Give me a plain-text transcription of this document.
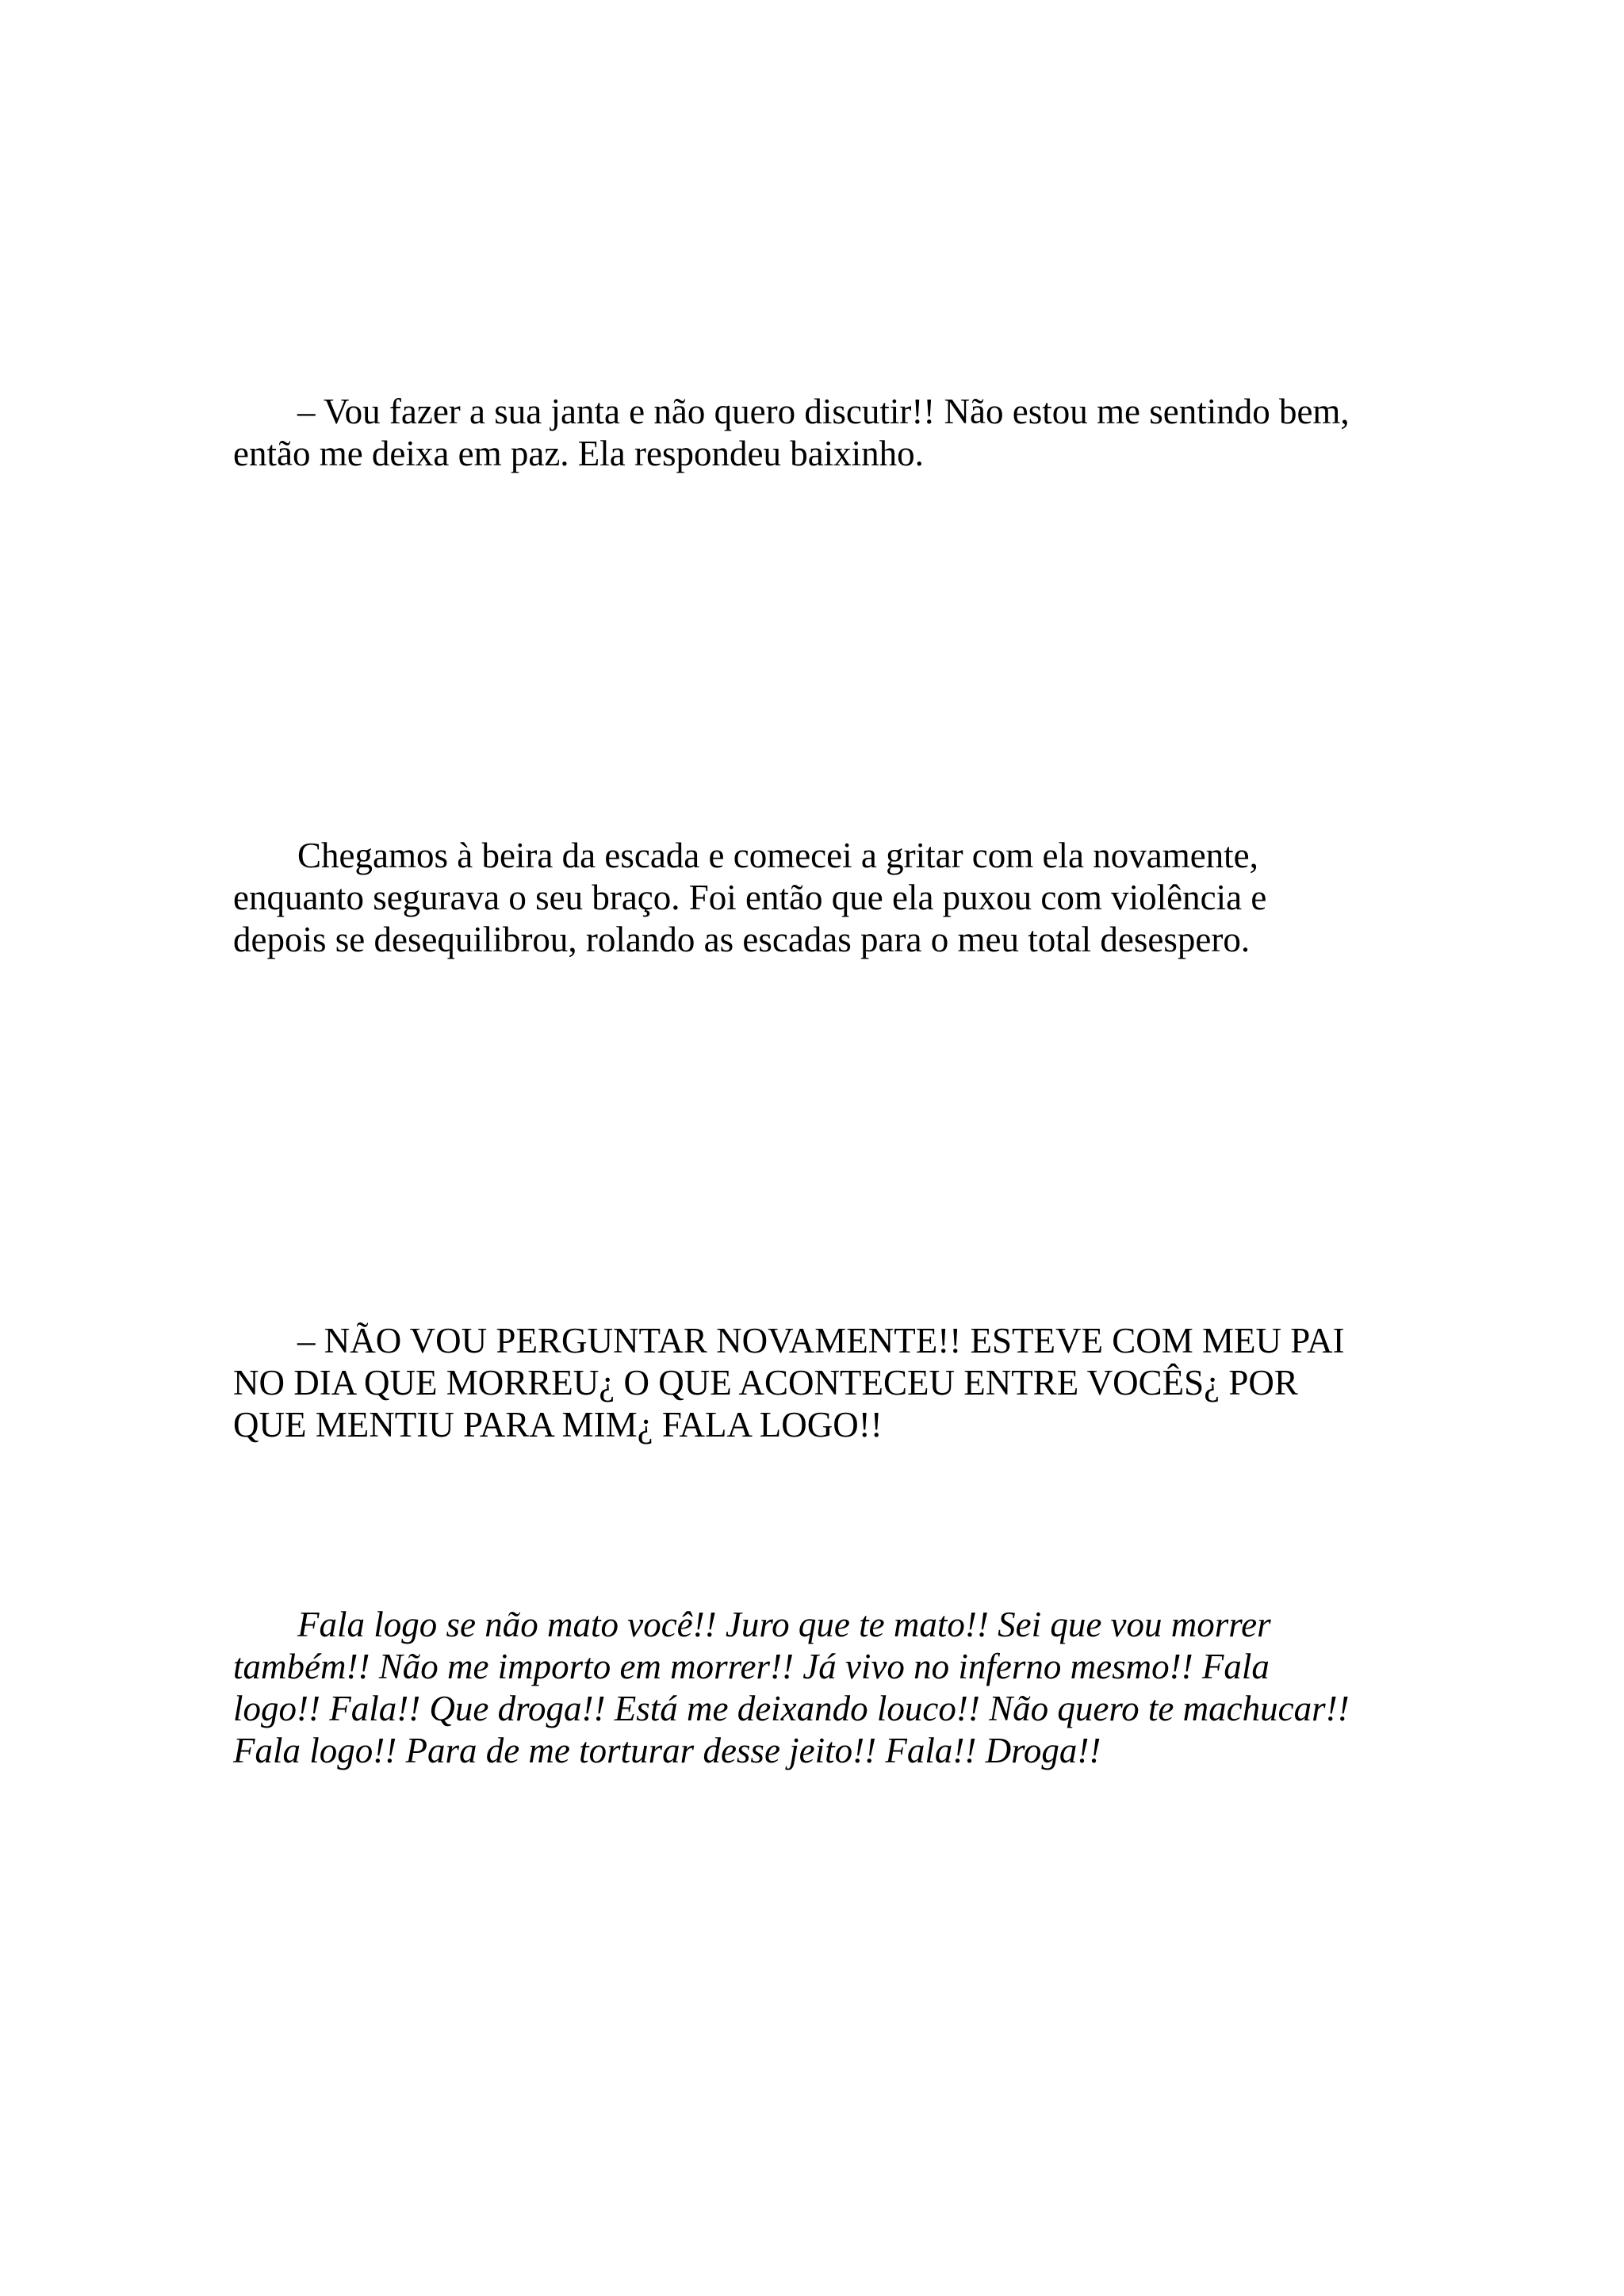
– Vou fazer a sua janta e não quero discutir!! Não estou me sentindo bem,
então me deixa em paz. Ela respondeu baixinho.

Chegamos à beira da escada e comecei a gritar com ela novamente,
enquanto segurava o seu braço. Foi então que ela puxou com violência e
depois se desequilibrou, rolando as escadas para o meu total desespero.

– NÃO VOU PERGUNTAR NOVAMENTE!! ESTEVE COM MEU PAI
NO DIA QUE MORREU¿ O QUE ACONTECEU ENTRE VOCÊS¿ POR
QUE MENTIU PARA MIM¿ FALA LOGO!!

Fala logo se não mato você!! Juro que te mato!! Sei que vou morrer
também!! Não me importo em morrer!! Já vivo no inferno mesmo!! Fala
logo!! Fala!! Que droga!! Está me deixando louco!! Não quero te machucar!!
Fala logo!! Para de me torturar desse jeito!! Fala!! Droga!!
